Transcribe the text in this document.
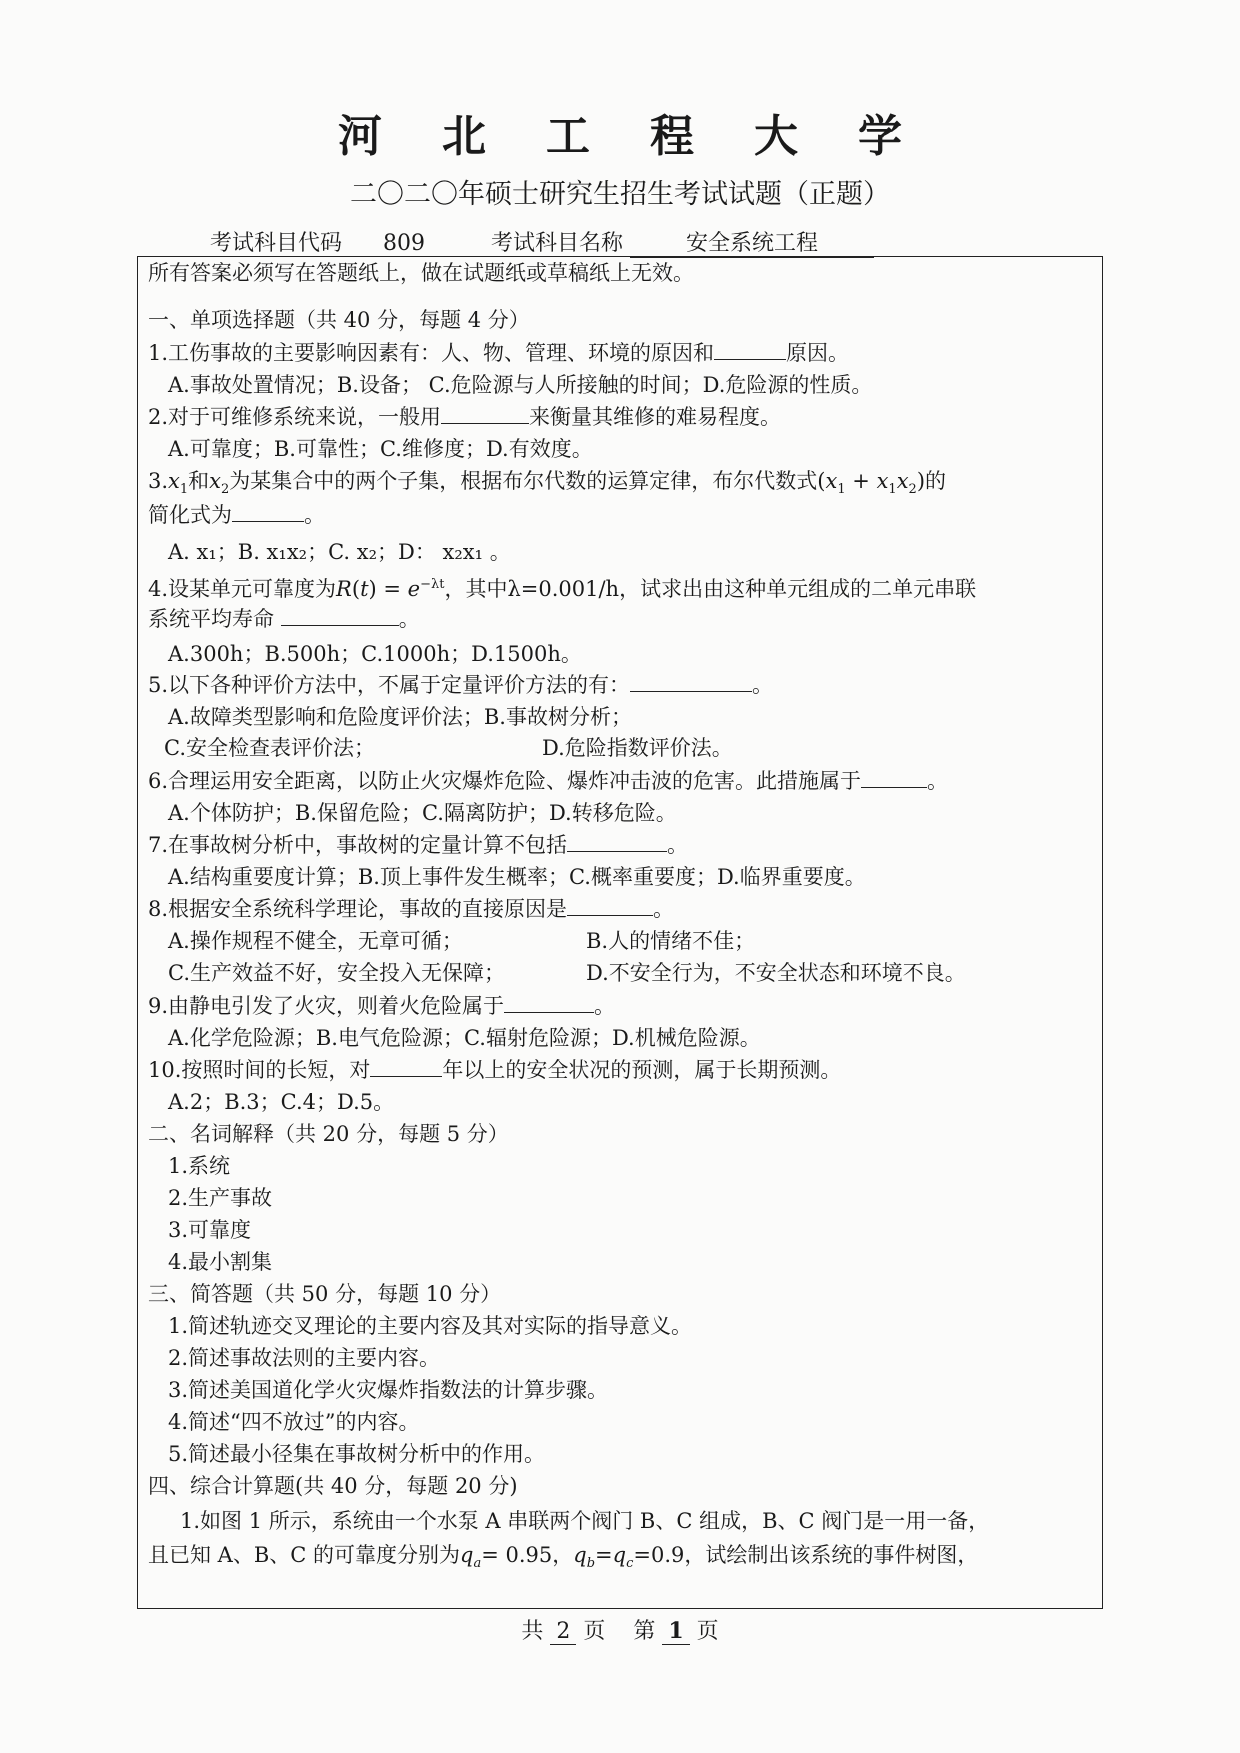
河北工程大学
二〇二〇年硕士研究生招生考试试题（正题）
考试科目代码 809	考试科目名称	安全系统工程
所有答案必须写在答题纸上，做在试题纸或草稿纸上无效。
一、单项选择题（共 40 分，每题 4 分）
1.工伤事故的主要影响因素有：人、物、管理、环境的原因和	原因。
A.事故处置情况；B.设备； C.危险源与人所接触的时间；D.危险源的性质。
2.对于可维修系统来说，一般用	来衡量其维修的难易程度。
A.可靠度；B.可靠性；C.维修度；D.有效度。
$3.x_1$和$x_2$为某集合中的两个子集，根据布尔代数的运算定律，布尔代数式$(x_1 + x_1x_2)$的
简化式为	。
A. x₁；B. x₁x₂；C. x₂；D： x₂x₁ 。
4.设某单元可靠度为$R(t) = e^{-\lambda t}$，其中λ=0.001/h，试求出由这种单元组成的二单元串联
系统平均寿命	。
A.300h；B.500h；C.1000h；D.1500h。
5.以下各种评价方法中，不属于定量评价方法的有：	。
A.故障类型影响和危险度评价法；B.事故树分析；
C.安全检查表评价法；	D.危险指数评价法。
6.合理运用安全距离，以防止火灾爆炸危险、爆炸冲击波的危害。此措施属于	。
A.个体防护；B.保留危险；C.隔离防护；D.转移危险。
7.在事故树分析中，事故树的定量计算不包括	。
A.结构重要度计算；B.顶上事件发生概率；C.概率重要度；D.临界重要度。
8.根据安全系统科学理论，事故的直接原因是	。
A.操作规程不健全，无章可循；	B.人的情绪不佳；
C.生产效益不好，安全投入无保障；	D.不安全行为，不安全状态和环境不良。
9.由静电引发了火灾，则着火危险属于	。
A.化学危险源；B.电气危险源；C.辐射危险源；D.机械危险源。
10.按照时间的长短，对	年以上的安全状况的预测，属于长期预测。
A.2；B.3；C.4；D.5。
二、名词解释（共 20 分，每题 5 分）
1.系统
2.生产事故
3.可靠度
4.最小割集
三、简答题（共 50 分，每题 10 分）
1.简述轨迹交叉理论的主要内容及其对实际的指导意义。
2.简述事故法则的主要内容。
3.简述美国道化学火灾爆炸指数法的计算步骤。
4.简述“四不放过”的内容。
5.简述最小径集在事故树分析中的作用。
四、综合计算题(共 40 分，每题 20 分)
1.如图 1 所示，系统由一个水泵 A 串联两个阀门 B、C 组成，B、C 阀门是一用一备，
且已知 A、B、C 的可靠度分别为$q_a= 0.95$，$q_b=q_c=0.9$，试绘制出该系统的事件树图，
共 2 页 第 1 页
